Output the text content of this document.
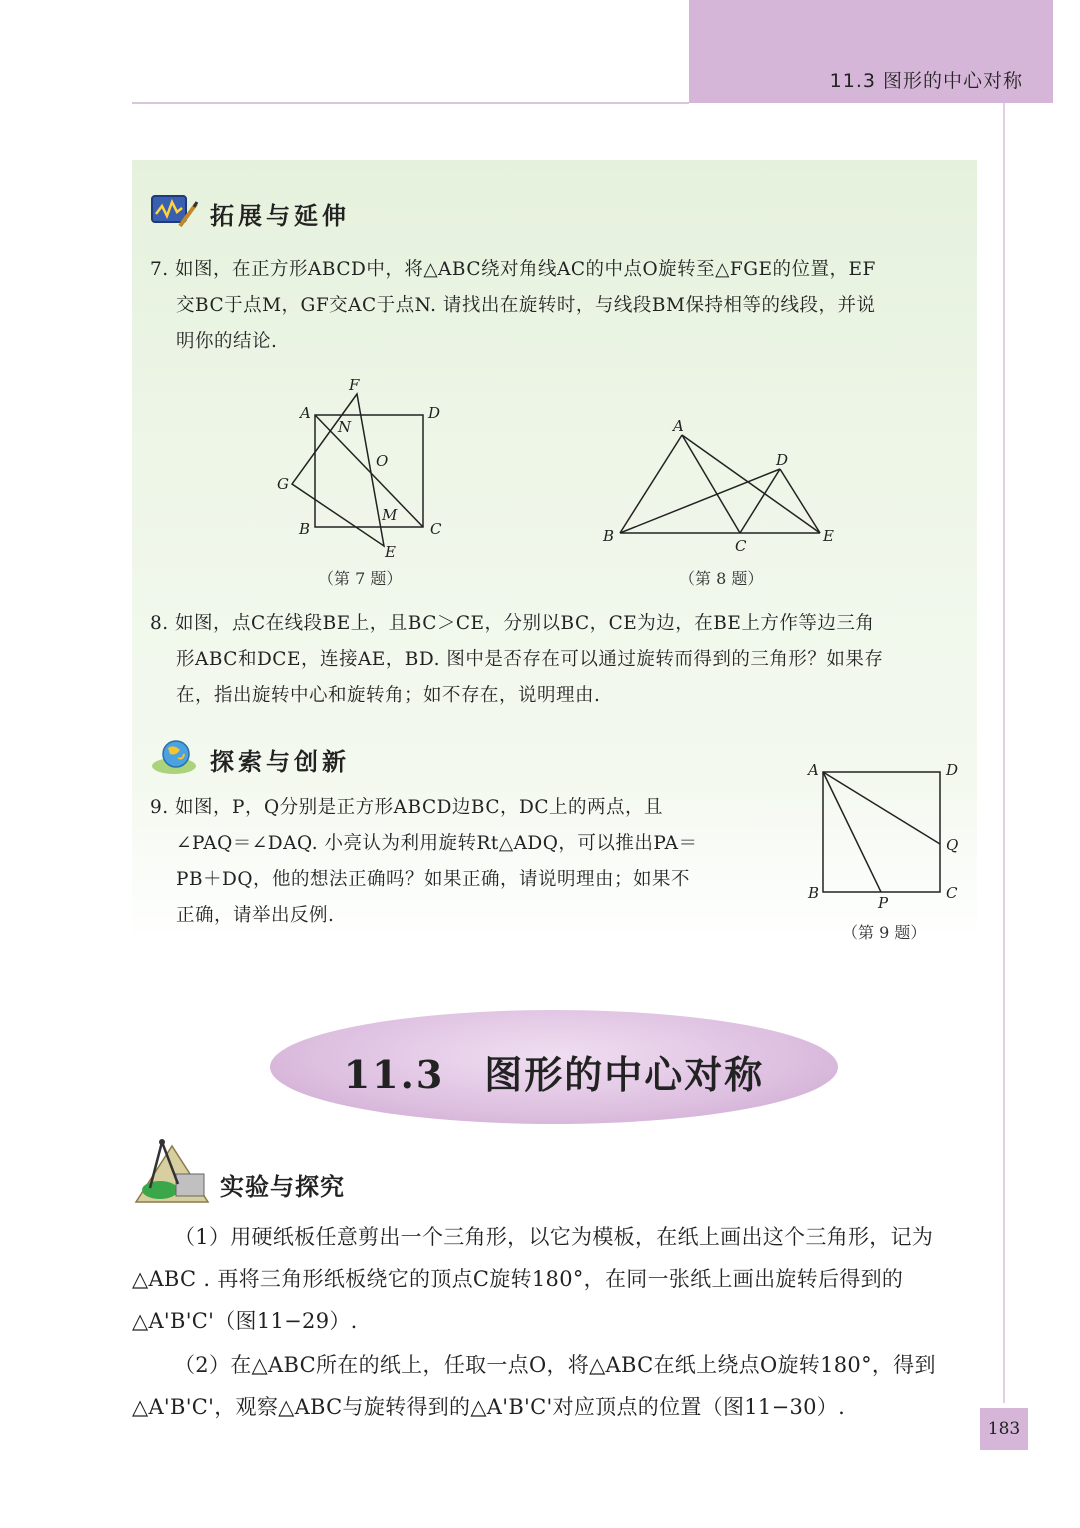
11.3 图形的中心对称
拓展与延伸

7. 如图，在正方形ABCD中，将△ABC绕对角线AC的中点O旋转至△FGE的位置，EF

交BC于点M，GF交AC于点N. 请找出在旋转时，与线段BM保持相等的线段，并说

明你的结论.

F
A	D
N
O
G
M
B	C
E
（第 7 题）
A
D
B
C
E
（第 8 题）

8. 如图，点C在线段BE上，且BC＞CE，分别以BC，CE为边，在BE上方作等边三角

形ABC和DCE，连接AE，BD. 图中是否存在可以通过旋转而得到的三角形？如果存

在，指出旋转中心和旋转角；如不存在，说明理由.

探索与创新

9. 如图，P，Q分别是正方形ABCD边BC，DC上的两点，且

∠PAQ＝∠DAQ. 小亮认为利用旋转Rt△ADQ，可以推出PA＝

PB＋DQ，他的想法正确吗？如果正确，请说明理由；如果不

正确，请举出反例.

A	D
Q
B
P
C
（第 9 题）
11.3　图形的中心对称
实验与探究

（1）用硬纸板任意剪出一个三角形，以它为模板，在纸上画出这个三角形，记为△ABC . 再将三角形纸板绕它的顶点C旋转180°，在同一张纸上画出旋转后得到的△A'B'C'（图11−29）.

（2）在△ABC所在的纸上，任取一点O，将△ABC在纸上绕点O旋转180°，得到△A'B'C'，观察△ABC与旋转得到的△A'B'C'对应顶点的位置（图11−30）.

183
